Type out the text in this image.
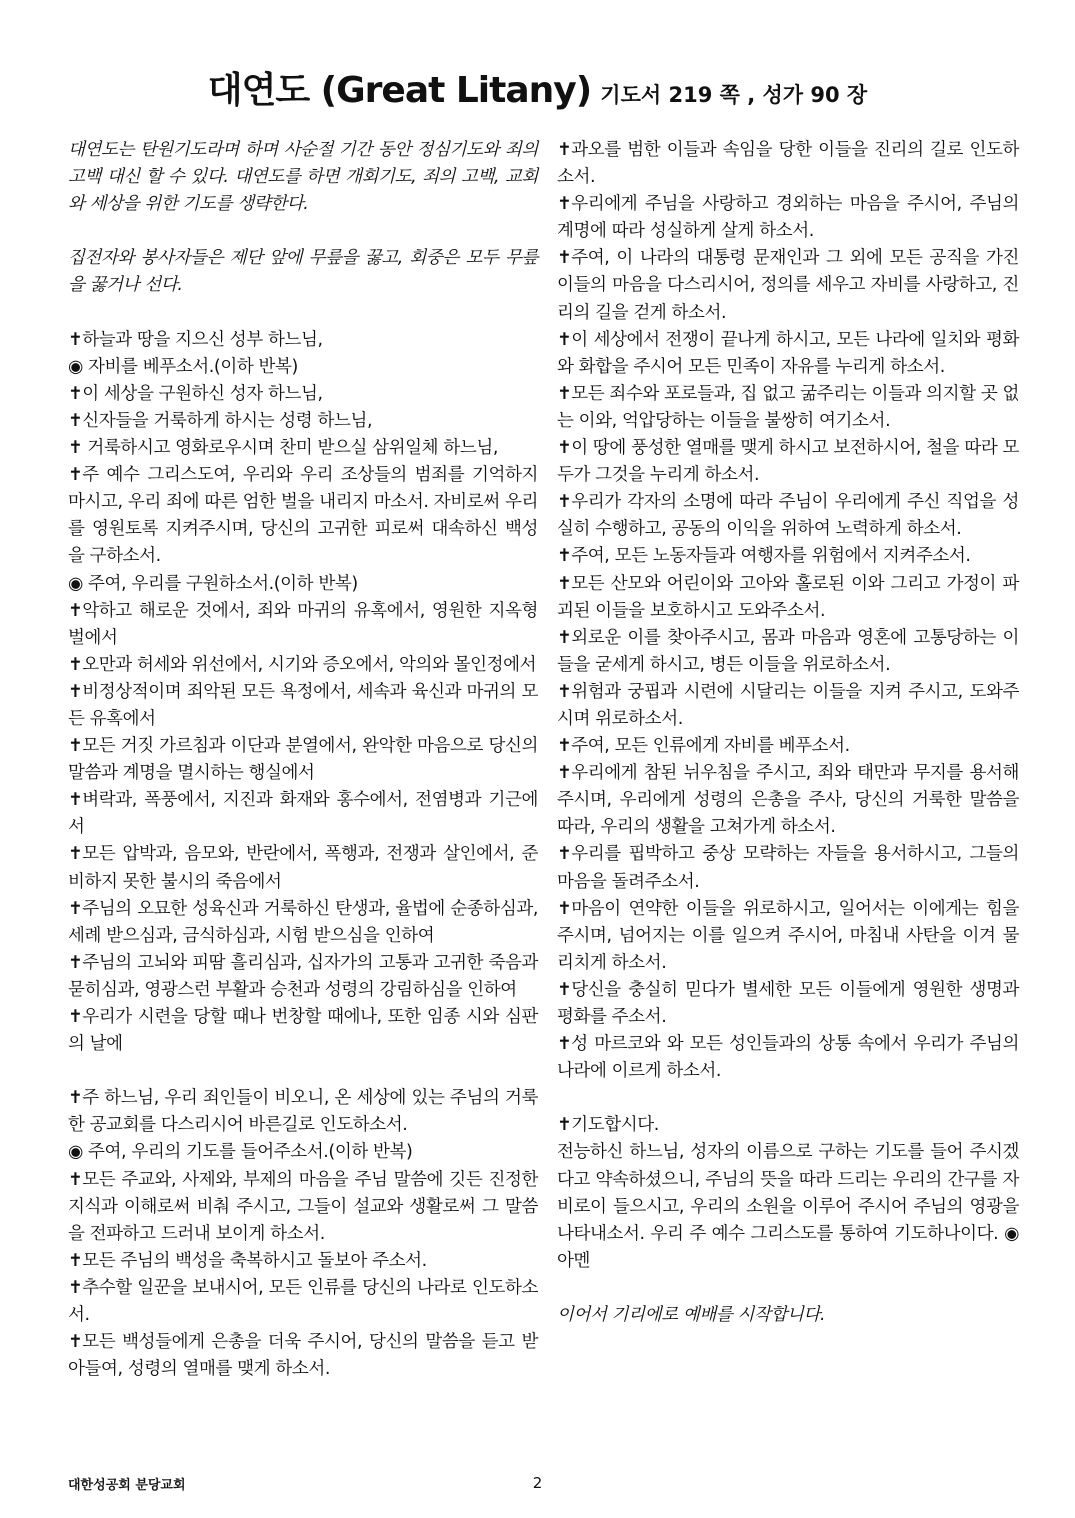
대연도 (Great Litany) 기도서 219 쪽 , 성가 90 장

대연도는 탄원기도라며 하며 사순절 기간 동안 정심기도와 죄의 고백 대신 할 수 있다. 대연도를 하면 개회기도, 죄의 고백, 교회와 세상을 위한 기도를 생략한다.

집전자와 봉사자들은 제단 앞에 무릎을 꿇고, 회중은 모두 무릎을 꿇거나 선다.

✝하늘과 땅을 지으신 성부 하느님,

◉ 자비를 베푸소서.(이하 반복)

✝이 세상을 구원하신 성자 하느님,

✝신자들을 거룩하게 하시는 성령 하느님,

✝ 거룩하시고 영화로우시며 찬미 받으실 삼위일체 하느님,

✝주 예수 그리스도여, 우리와 우리 조상들의 범죄를 기억하지 마시고, 우리 죄에 따른 엄한 벌을 내리지 마소서. 자비로써 우리를 영원토록 지켜주시며, 당신의 고귀한 피로써 대속하신 백성을 구하소서.

◉ 주여, 우리를 구원하소서.(이하 반복)

✝악하고 해로운 것에서, 죄와 마귀의 유혹에서, 영원한 지옥형벌에서

✝오만과 허세와 위선에서, 시기와 증오에서, 악의와 몰인정에서

✝비정상적이며 죄악된 모든 욕정에서, 세속과 육신과 마귀의 모든 유혹에서

✝모든 거짓 가르침과 이단과 분열에서, 완악한 마음으로 당신의 말씀과 계명을 멸시하는 행실에서

✝벼락과, 폭풍에서, 지진과 화재와 홍수에서, 전염병과 기근에서

✝모든 압박과, 음모와, 반란에서, 폭행과, 전쟁과 살인에서, 준비하지 못한 불시의 죽음에서

✝주님의 오묘한 성육신과 거룩하신 탄생과, 율법에 순종하심과, 세례 받으심과, 금식하심과, 시험 받으심을 인하여

✝주님의 고뇌와 피땀 흘리심과, 십자가의 고통과 고귀한 죽음과 묻히심과, 영광스런 부활과 승천과 성령의 강림하심을 인하여

✝우리가 시련을 당할 때나 번창할 때에나, 또한 임종 시와 심판의 날에

✝주 하느님, 우리 죄인들이 비오니, 온 세상에 있는 주님의 거룩한 공교회를 다스리시어 바른길로 인도하소서.

◉ 주여, 우리의 기도를 들어주소서.(이하 반복)

✝모든 주교와, 사제와, 부제의 마음을 주님 말씀에 깃든 진정한 지식과 이해로써 비춰 주시고, 그들이 설교와 생활로써 그 말씀을 전파하고 드러내 보이게 하소서.

✝모든 주님의 백성을 축복하시고 돌보아 주소서.

✝추수할 일꾼을 보내시어, 모든 인류를 당신의 나라로 인도하소서.

✝모든 백성들에게 은총을 더욱 주시어, 당신의 말씀을 듣고 받아들여, 성령의 열매를 맺게 하소서.

✝과오를 범한 이들과 속임을 당한 이들을 진리의 길로 인도하소서.

✝우리에게 주님을 사랑하고 경외하는 마음을 주시어, 주님의 계명에 따라 성실하게 살게 하소서.

✝주여, 이 나라의 대통령 문재인과 그 외에 모든 공직을 가진 이들의 마음을 다스리시어, 정의를 세우고 자비를 사랑하고, 진리의 길을 걷게 하소서.

✝이 세상에서 전쟁이 끝나게 하시고, 모든 나라에 일치와 평화와 화합을 주시어 모든 민족이 자유를 누리게 하소서.

✝모든 죄수와 포로들과, 집 없고 굶주리는 이들과 의지할 곳 없는 이와, 억압당하는 이들을 불쌍히 여기소서.

✝이 땅에 풍성한 열매를 맺게 하시고 보전하시어, 철을 따라 모두가 그것을 누리게 하소서.

✝우리가 각자의 소명에 따라 주님이 우리에게 주신 직업을 성실히 수행하고, 공동의 이익을 위하여 노력하게 하소서.

✝주여, 모든 노동자들과 여행자를 위험에서 지켜주소서.

✝모든 산모와 어린이와 고아와 홀로된 이와 그리고 가정이 파괴된 이들을 보호하시고 도와주소서.

✝외로운 이를 찾아주시고, 몸과 마음과 영혼에 고통당하는 이들을 굳세게 하시고, 병든 이들을 위로하소서.

✝위험과 궁핍과 시련에 시달리는 이들을 지켜 주시고, 도와주시며 위로하소서.

✝주여, 모든 인류에게 자비를 베푸소서.

✝우리에게 참된 뉘우침을 주시고, 죄와 태만과 무지를 용서해 주시며, 우리에게 성령의 은총을 주사, 당신의 거룩한 말씀을 따라, 우리의 생활을 고쳐가게 하소서.

✝우리를 핍박하고 중상 모략하는 자들을 용서하시고, 그들의 마음을 돌려주소서.

✝마음이 연약한 이들을 위로하시고, 일어서는 이에게는 힘을 주시며, 넘어지는 이를 일으켜 주시어, 마침내 사탄을 이겨 물리치게 하소서.

✝당신을 충실히 믿다가 별세한 모든 이들에게 영원한 생명과 평화를 주소서.

✝성 마르코와 와 모든 성인들과의 상통 속에서 우리가 주님의 나라에 이르게 하소서.

✝기도합시다.

전능하신 하느님, 성자의 이름으로 구하는 기도를 들어 주시겠다고 약속하셨으니, 주님의 뜻을 따라 드리는 우리의 간구를 자비로이 들으시고, 우리의 소원을 이루어 주시어 주님의 영광을 나타내소서. 우리 주 예수 그리스도를 통하여 기도하나이다. ◉ 아멘

이어서 기리에로 예배를 시작합니다.

대한성공회 분당교회	2
